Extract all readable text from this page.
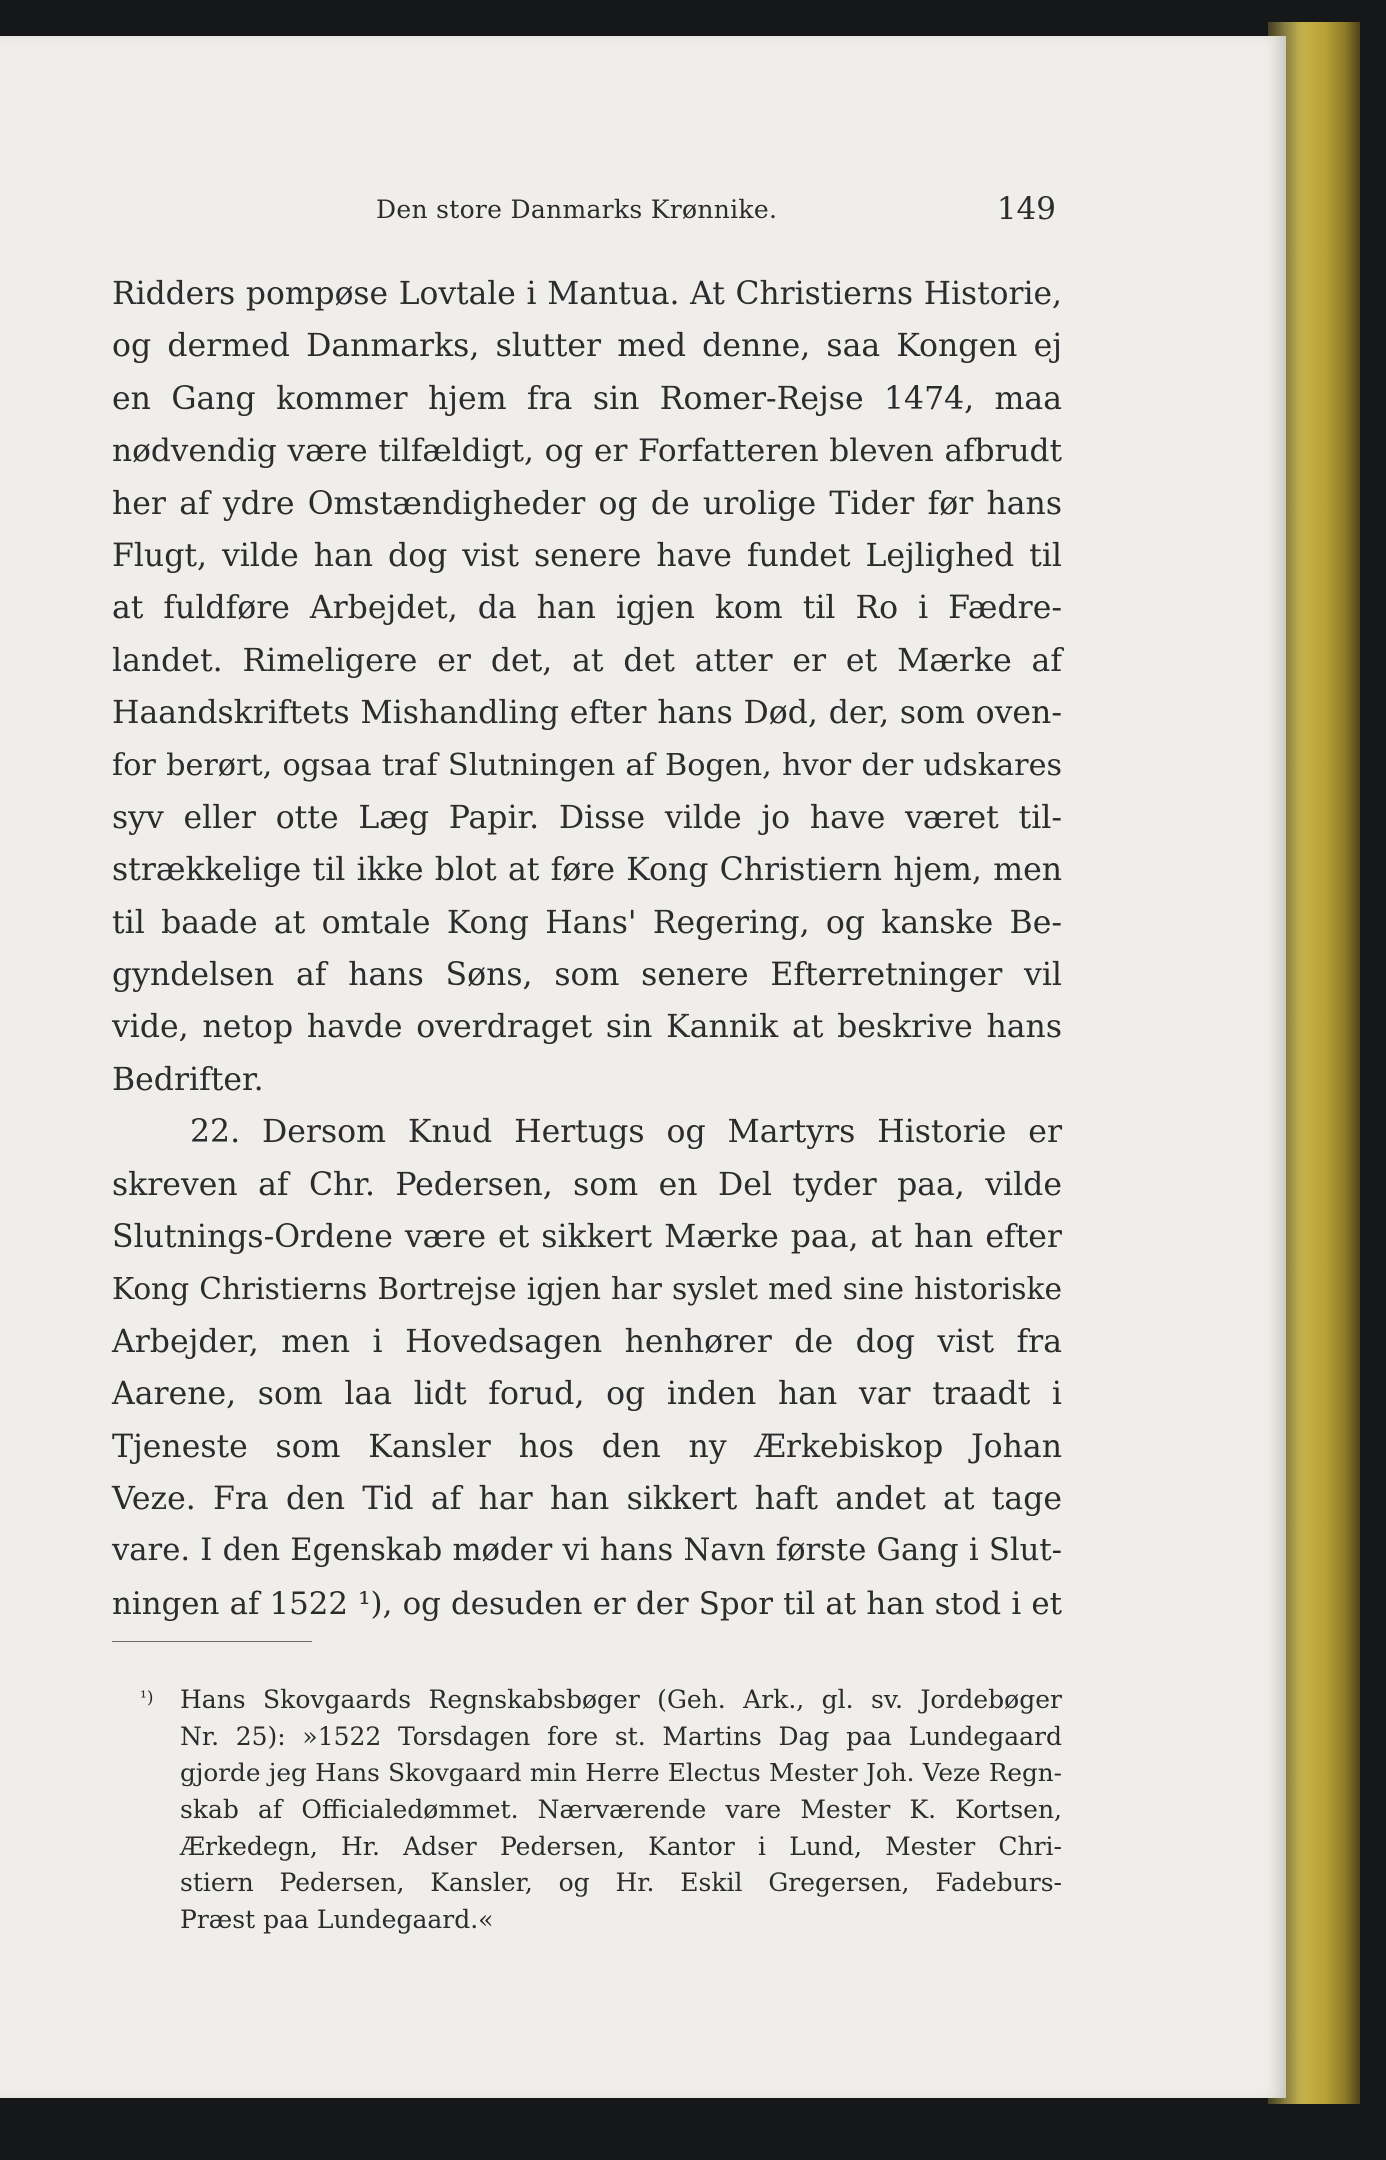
Den store Danmarks Krønnike.	149
Ridders pompøse Lovtale i Mantua. At Christierns Historie,
og dermed Danmarks, slutter med denne, saa Kongen ej
en Gang kommer hjem fra sin Romer-Rejse 1474, maa
nødvendig være tilfældigt, og er Forfatteren bleven afbrudt
her af ydre Omstændigheder og de urolige Tider før hans
Flugt, vilde han dog vist senere have fundet Lejlighed til
at fuldføre Arbejdet, da han igjen kom til Ro i Fædre-
landet. Rimeligere er det, at det atter er et Mærke af
Haandskriftets Mishandling efter hans Død, der, som oven-
for berørt, ogsaa traf Slutningen af Bogen, hvor der udskares
syv eller otte Læg Papir. Disse vilde jo have været til-
strækkelige til ikke blot at føre Kong Christiern hjem, men
til baade at omtale Kong Hans' Regering, og kanske Be-
gyndelsen af hans Søns, som senere Efterretninger vil
vide, netop havde overdraget sin Kannik at beskrive hans
Bedrifter.
22. Dersom Knud Hertugs og Martyrs Historie er
skreven af Chr. Pedersen, som en Del tyder paa, vilde
Slutnings-Ordene være et sikkert Mærke paa, at han efter
Kong Christierns Bortrejse igjen har syslet med sine historiske
Arbejder, men i Hovedsagen henhører de dog vist fra
Aarene, som laa lidt forud, og inden han var traadt i
Tjeneste som Kansler hos den ny Ærkebiskop Johan
Veze. Fra den Tid af har han sikkert haft andet at tage
vare. I den Egenskab møder vi hans Navn første Gang i Slut-
ningen af 1522 ¹), og desuden er der Spor til at han stod i et
¹) Hans Skovgaards Regnskabsbøger (Geh. Ark., gl. sv. Jordebøger
Nr. 25): »1522 Torsdagen fore st. Martins Dag paa Lundegaard
gjorde jeg Hans Skovgaard min Herre Electus Mester Joh. Veze Regn-
skab af Officialedømmet. Nærværende vare Mester K. Kortsen,
Ærkedegn, Hr. Adser Pedersen, Kantor i Lund, Mester Chri-
stiern Pedersen, Kansler, og Hr. Eskil Gregersen, Fadeburs-
Præst paa Lundegaard.«
